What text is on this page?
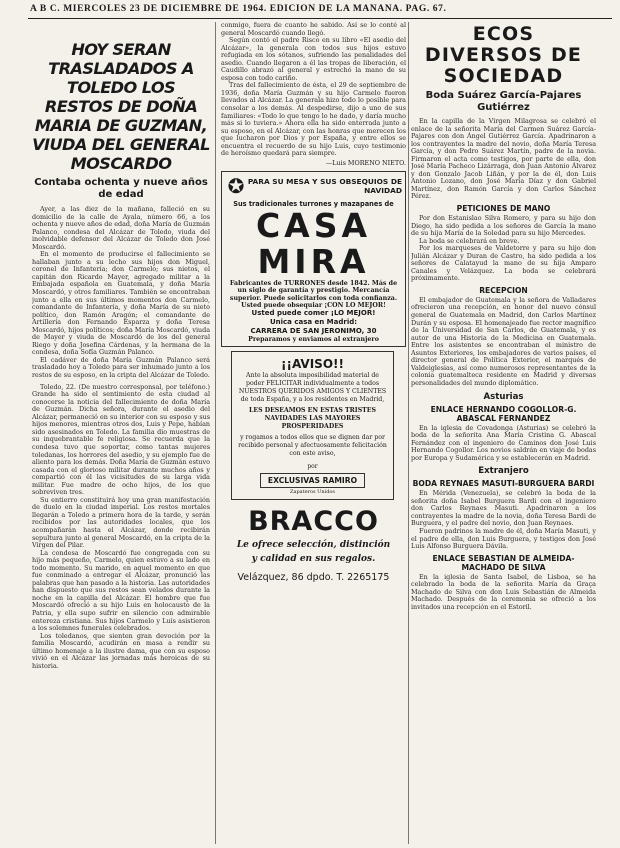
A B C. MIERCOLES 23 DE DICIEMBRE DE 1964. EDICION DE LA MAÑANA. PAG. 67.
HOY SERAN TRASLADADOS A TOLEDO LOS RESTOS DE DOÑA MARIA DE GUZMAN, VIUDA DEL GENERAL MOSCARDO
Contaba ochenta y nueve años de edad

Ayer, a las diez de la mañana, falleció en su domicilio de la calle de Ayala, número 66, a los ochenta y nueve años de edad, doña María de Guzmán Palanco, condesa del Alcázar de Toledo, viuda del inolvidable defensor del Alcázar de Toledo don José Moscardó.

En el momento de producirse el fallecimiento se hallaban junto a su lecho sus hijos don Miguel, coronel de Infantería; don Carmelo; sus nietos, el capitán don Ricardo Mayer, agregado militar a la Embajada española en Guatemala, y doña María Moscardó, y otros familiares. También se encontraban junto a ella en sus últimos momentos don Carmelo, comandante de Infantería, y doña María de su nieto político, don Ramón Aragón; el comandante de Artillería don Fernando Esparza y doña Teresa Moscardó, hijos políticos; doña María Moscardó, viuda de Mayer y viuda de Moscardó de los del general Riego y doña Josefina Cárdenas, y la hermana de la condesa, doña Sofía Guzmán Palanco.

El cadáver de doña María Guzmán Palanco será trasladado hoy a Toledo para ser inhumado junto a los restos de su esposo, en la cripta del Alcázar de Toledo.

Toledo, 22. (De nuestro corresponsal, por teléfono.) Grande ha sido el sentimiento de esta ciudad al conocerse la noticia del fallecimiento de doña María de Guzmán. Dicha señora, durante el asedio del Alcázar, permaneció en su interior con su esposo y sus hijos menores, mientras otros dos, Luis y Pepe, habían sido asesinados en Toledo. La familia dio muestras de su inquebrantable fe religiosa. Se recuerda que la condesa tuvo que soportar, como tantas mujeres toledanas, los horrores del asedio, y su ejemplo fue de aliento para los demás. Doña María de Guzmán estuvo casada con el glorioso militar durante muchos años y compartió con él las vicisitudes de su larga vida militar. Fue madre de ocho hijos, de los que sobreviven tres.

Su entierro constituirá hoy una gran manifestación de duelo en la ciudad imperial. Los restos mortales llegarán a Toledo a primera hora de la tarde, y serán recibidos por las autoridades locales, que los acompañarán hasta el Alcázar, donde recibirán sepultura junto al general Moscardó, en la cripta de la Virgen del Pilar.

La condesa de Moscardó fue congregada con su hijo más pequeño, Carmelo, quien estuvo a su lado en todo momento. Su marido, en aquel momento en que fue conminado a entregar el Alcázar, pronunció las palabras que han pasado a la historia. Las autoridades han dispuesto que sus restos sean velados durante la noche en la capilla del Alcázar. El hombre que fue Moscardó ofreció a su hijo Luis en holocausto de la Patria, y ella supo sufrir en silencio con admirable entereza cristiana. Sus hijos Carmelo y Luis asistieron a los solemnes funerales celebrados.

Los toledanos, que sienten gran devoción por la familia Moscardó, acudirán en masa a rendir su último homenaje a la ilustre dama, que con su esposo vivió en el Alcázar las jornadas más heroicas de su historia.

conmigo, fuera de cuanto he sabido. Así se lo conté al general Moscardó cuando llegó.

Según contó el padre Risco en su libro «El asedio del Alcázar», la generala con todos sus hijos estuvo refugiada en los sótanos, sufriendo las penalidades del asedio. Cuando llegaron a él las tropas de liberación, el Caudillo abrazó al general y estrechó la mano de su esposa con todo cariño.

Tras del fallecimiento de ésta, el 29 de septiembre de 1936, doña María Guzmán y su hijo Carmelo fueron llevados al Alcázar. La generala hizo todo lo posible para consolar a los demás. Al despedirse, dijo a uno de sus familiares: «Todo lo que tengo lo he dado, y daría mucho más si lo tuviera.» Ahora ella ha sido enterrada junto a su esposo, en el Alcázar, con las honras que merecen los que lucharon por Dios y por España, y entre ellos se encuentra el recuerdo de su hijo Luis, cuyo testimonio de heroísmo quedará para siempre.

—Luis MORENO NIETO.
✪ PARA SU MESA Y SUS OBSEQUIOS DE NAVIDAD
Sus tradicionales turrones y mazapanes de
CASA MIRA
Fabricantes de TURRONES desde 1842. Más de un siglo de garantía y prestigio. Mercancía superior. Puede solicitarlos con toda confianza. Usted puede obsequiar ¡CON LO MEJOR!
Usted puede comer ¡LO MEJOR!
Unica casa en Madrid:
CARRERA DE SAN JERONIMO, 30
Preparamos y enviamos al extranjero
¡¡AVISO!!
Ante la absoluta imposibilidad material de poder FELICITAR individualmente a todos NUESTROS QUERIDOS AMIGOS Y CLIENTES de toda España, y a los residentes en Madrid,
LES DESEAMOS EN ESTAS TRISTES NAVIDADES LAS MAYORES PROSPERIDADES
y rogamos a todos ellos que se dignen dar por recibido personal y afectuosamente felicitación con este aviso,
por
EXCLUSIVAS RAMIRO
Zapateros Unidos
BRACCO
Le ofrece selección, distinción y calidad en sus regalos.
Velázquez, 86 dpdo. T. 2265175
ECOS DIVERSOS DE SOCIEDAD
Boda Suárez García-Pajares Gutiérrez

En la capilla de la Virgen Milagrosa se celebró el enlace de la señorita María del Carmen Suárez García-Pajares con don Ángel Gutiérrez García. Apadrinaron a los contrayentes la madre del novio, doña María Teresa García, y don Pedro Suárez Martín, padre de la novia. Firmaron el acta como testigos, por parte de ella, don José María Pacheco Lizárraga, don Juan Antonio Álvarez y don Gonzalo Jacob Liñán, y por la de él, don Luis Antonio Lozano, don José María Díaz y don Gabriel Martínez, don Ramón García y don Carlos Sánchez Pérez.

PETICIONES DE MANO

Por don Estanislao Silva Romero, y para su hijo don Diego, ha sido pedida a los señores de García la mano de su hija María de la Soledad para su hijo Mercedes.

La boda se celebrará en breve.

Por los marqueses de Valdetorre y para su hijo don Julián Alcázar y Duran de Castro, ha sido pedida a los señores de Calatayud la mano de su hija Amparo Canales y Velázquez. La boda se celebrará próximamente.

RECEPCION

El embajador de Guatemala y la señora de Valladares ofrecieron una recepción, en honor del nuevo cónsul general de Guatemala en Madrid, don Carlos Martínez Durán y su esposa. El homenajeado fue rector magnífico de la Universidad de San Carlos, de Guatemala, y es autor de una Historia de la Medicina en Guatemala. Entre los asistentes se encontraban el ministro de Asuntos Exteriores, los embajadores de varios países, el director general de Política Exterior, el marqués de Valdeiglesias, así como numerosos representantes de la colonia guatemalteca residente en Madrid y diversas personalidades del mundo diplomático.

Asturias
ENLACE HERNANDO COGOLLOR-G. ABASCAL FERNANDEZ

En la iglesia de Covadonga (Asturias) se celebró la boda de la señorita Ana María Cristina G. Abascal Fernández con el ingeniero de Caminos don José Luis Hernando Cogollor. Los novios saldrán en viaje de bodas por Europa y Sudamérica y se establecerán en Madrid.

Extranjero
BODA REYNAES MASUTI-BURGUERA BARDI

En Mérida (Venezuela), se celebró la boda de la señorita doña Isabel Burguera Bardi con el ingeniero don Carlos Reynaes Masuti. Apadrinaron a los contrayentes la madre de la novia, doña Teresa Bardi de Burguera, y el padre del novio, don Juan Reynaes.

Fueron padrinos la madre de él, doña María Masuti, y el padre de ella, don Luis Burguera, y testigos don José Luis Alfonso Burguera Dávila.

ENLACE SEBASTIAN DE ALMEIDA-MACHADO DE SILVA

En la iglesia de Santa Isabel, de Lisboa, se ha celebrado la boda de la señorita María da Graça Machado de Silva con don Luis Sebastián de Almeida Machado. Después de la ceremonia se ofreció a los invitados una recepción en el Estoril.
